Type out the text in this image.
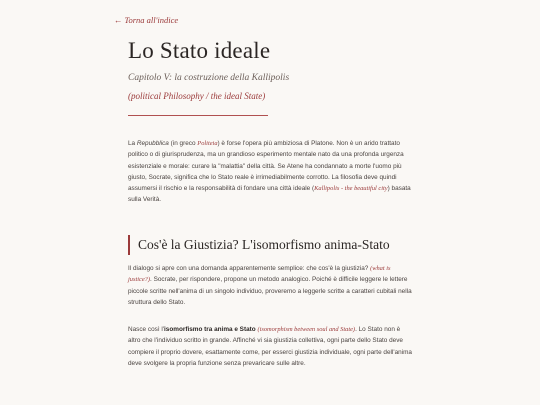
← Torna all'indice
Lo Stato ideale

Capitolo V: la costruzione della Kallipolis

(political Philosophy / the ideal State)

La Repubblica (in greco Politeia) è forse l'opera più ambiziosa di Platone. Non è un arido trattato politico o di giurisprudenza, ma un grandioso esperimento mentale nato da una profonda urgenza esistenziale e morale: curare la "malattia" della città. Se Atene ha condannato a morte l'uomo più giusto, Socrate, significa che lo Stato reale è irrimediabilmente corrotto. La filosofia deve quindi assumersi il rischio e la responsabilità di fondare una città ideale (Kallipolis - the beautiful city) basata sulla Verità.

Cos'è la Giustizia? L'isomorfismo anima-Stato

Il dialogo si apre con una domanda apparentemente semplice: che cos'è la giustizia? (what is justice?). Socrate, per rispondere, propone un metodo analogico. Poiché è difficile leggere le lettere piccole scritte nell'anima di un singolo individuo, proveremo a leggerle scritte a caratteri cubitali nella struttura dello Stato.

Nasce così l'isomorfismo tra anima e Stato (isomorphism between soul and State). Lo Stato non è altro che l'individuo scritto in grande. Affinché vi sia giustizia collettiva, ogni parte dello Stato deve compiere il proprio dovere, esattamente come, per esserci giustizia individuale, ogni parte dell'anima deve svolgere la propria funzione senza prevaricare sulle altre.
